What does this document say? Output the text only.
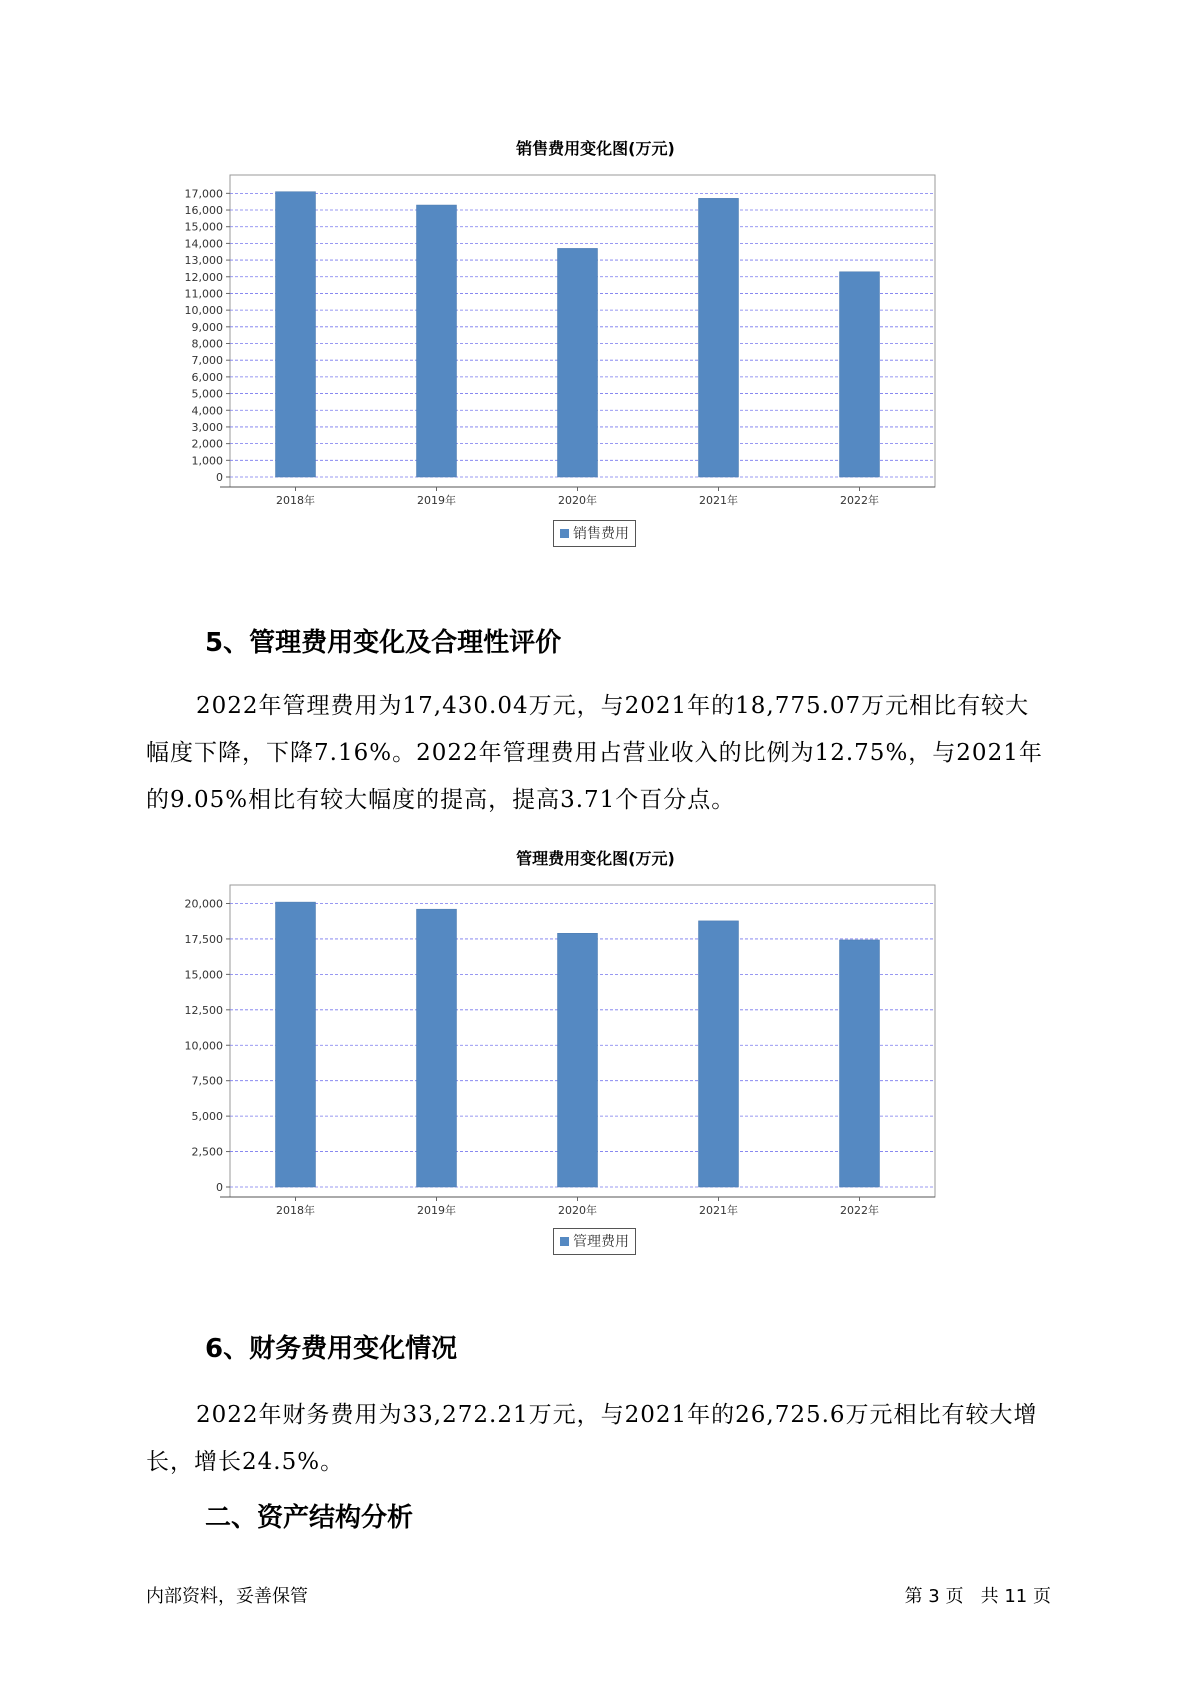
销售费用变化图(万元)
0
1,000
2,000
3,000
4,000
5,000
6,000
7,000
8,000
9,000
10,000
11,000
12,000
13,000
14,000
15,000
16,000
17,000
2018年	2019年	2020年	2021年	2022年
销售费用
5、管理费用变化及合理性评价

2022年管理费用为17,430.04万元，与2021年的18,775.07万元相比有较大幅度下降，下降7.16%。2022年管理费用占营业收入的比例为12.75%，与2021年的9.05%相比有较大幅度的提高，提高3.71个百分点。

管理费用变化图(万元)
0
2,500
5,000
7,500
10,000
12,500
15,000
17,500
20,000
2018年	2019年	2020年	2021年	2022年
管理费用
6、财务费用变化情况

2022年财务费用为33,272.21万元，与2021年的26,725.6万元相比有较大增长，增长24.5%。

二、资产结构分析
内部资料，妥善保管	第 3 页   共 11 页
